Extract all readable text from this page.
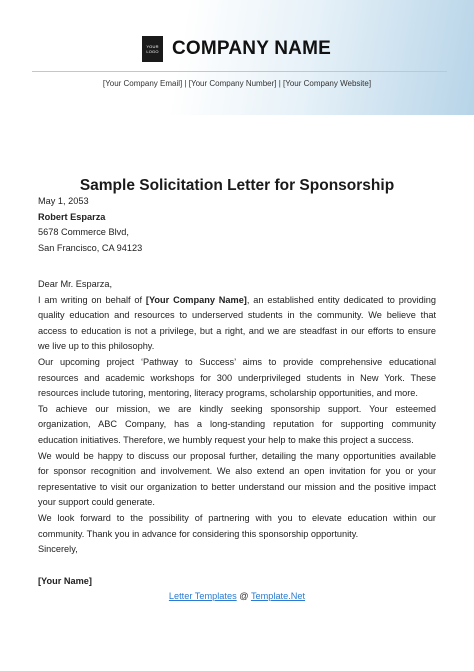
YOUR
LOGO COMPANY NAME
[Your Company Email] | [Your Company Number] | [Your Company Website]
Sample Solicitation Letter for Sponsorship
May 1, 2053
Robert Esparza
5678 Commerce Blvd,
San Francisco, CA 94123
Dear Mr. Esparza,
I am writing on behalf of [Your Company Name], an established entity dedicated to providing
quality education and resources to underserved students in the community. We believe that
access to education is not a privilege, but a right, and we are steadfast in our efforts to ensure
we live up to this philosophy.
Our upcoming project ‘Pathway to Success’ aims to provide comprehensive educational
resources and academic workshops for 300 underprivileged students in New York. These
resources include tutoring, mentoring, literacy programs, scholarship opportunities, and more.
To achieve our mission, we are kindly seeking sponsorship support. Your esteemed
organization, ABC Company, has a long-standing reputation for supporting community
education initiatives. Therefore, we humbly request your help to make this project a success.
We would be happy to discuss our proposal further, detailing the many opportunities available
for sponsor recognition and involvement. We also extend an open invitation for you or your
representative to visit our organization to better understand our mission and the positive impact
your support could generate.
We look forward to the possibility of partnering with you to elevate education within our
community. Thank you in advance for considering this sponsorship opportunity.
Sincerely,
[Your Name]
Letter Templates @ Template.Net
